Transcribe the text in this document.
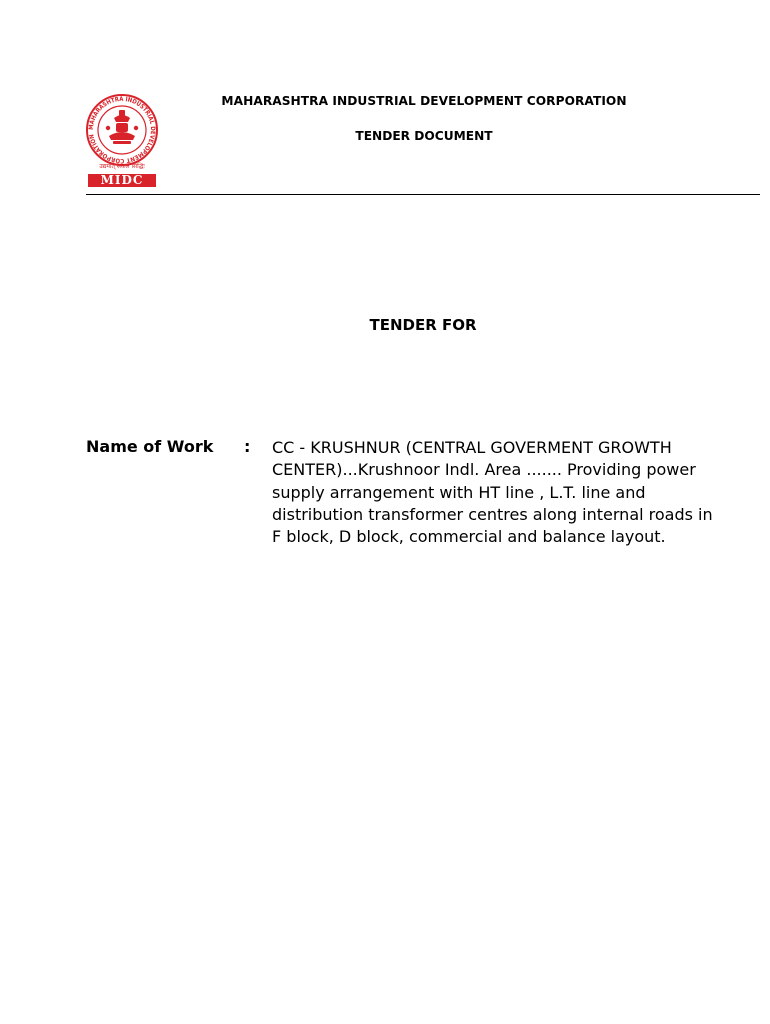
MAHARASHTRA INDUSTRIAL DEVELOPMENT CORPORATION
उद्यमात् सकल सिद्धिः
MIDC
MAHARASHTRA INDUSTRIAL DEVELOPMENT CORPORATION
TENDER DOCUMENT
TENDER FOR
Name of Work : CC - KRUSHNUR (CENTRAL GOVERMENT GROWTH
CENTER)...Krushnoor Indl. Area ....... Providing power
supply arrangement with HT line , L.T. line and
distribution transformer centres along internal roads in
F block, D block, commercial and balance layout.
